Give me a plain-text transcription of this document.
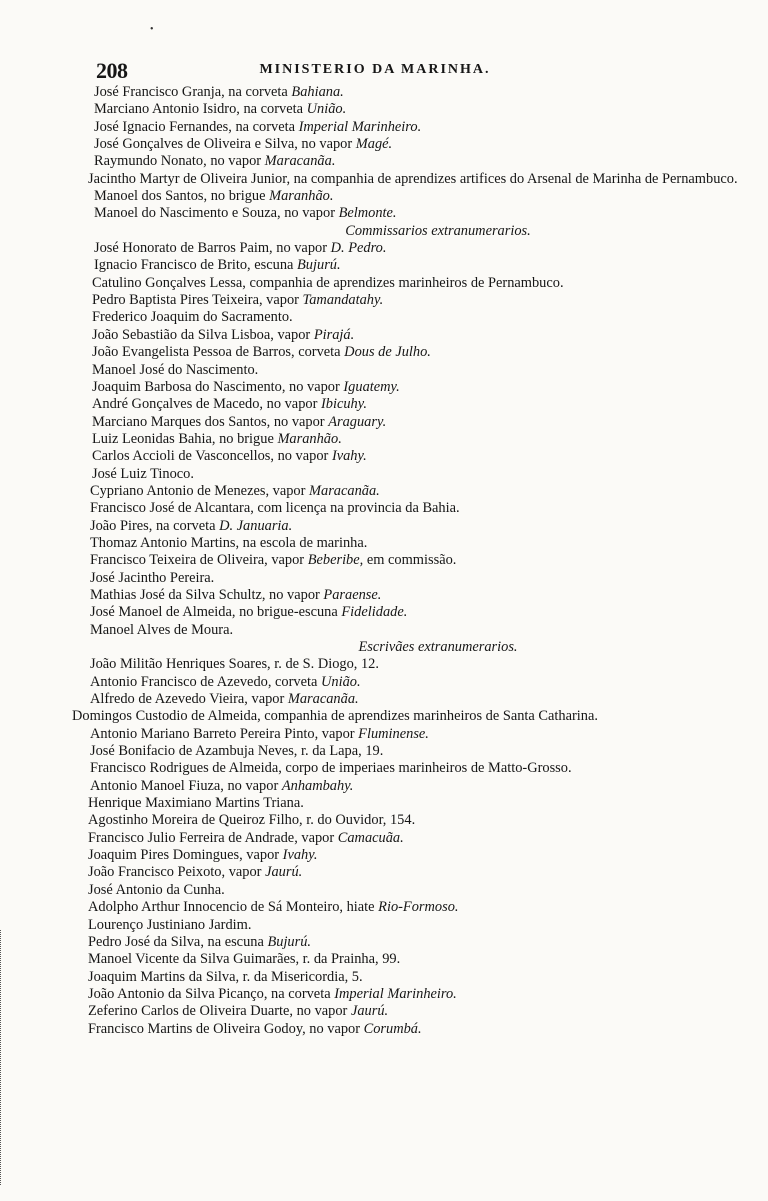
•
208	MINISTERIO DA MARINHA.
José Francisco Granja, na corveta Bahiana.
Marciano Antonio Isidro, na corveta União.
José Ignacio Fernandes, na corveta Imperial Marinheiro.
José Gonçalves de Oliveira e Silva, no vapor Magé.
Raymundo Nonato, no vapor Maracanãa.
Jacintho Martyr de Oliveira Junior, na companhia de aprendizes artifices do Arsenal de Marinha de Pernambuco.
Manoel dos Santos, no brigue Maranhão.
Manoel do Nascimento e Souza, no vapor Belmonte.
Commissarios extranumerarios.
José Honorato de Barros Paim, no vapor D. Pedro.
Ignacio Francisco de Brito, escuna Bujurú.
Catulino Gonçalves Lessa, companhia de aprendizes marinheiros de Pernambuco.
Pedro Baptista Pires Teixeira, vapor Tamandatahy.
Frederico Joaquim do Sacramento.
João Sebastião da Silva Lisboa, vapor Pirajá.
João Evangelista Pessoa de Barros, corveta Dous de Julho.
Manoel José do Nascimento.
Joaquim Barbosa do Nascimento, no vapor Iguatemy.
André Gonçalves de Macedo, no vapor Ibicuhy.
Marciano Marques dos Santos, no vapor Araguary.
Luiz Leonidas Bahia, no brigue Maranhão.
Carlos Accioli de Vasconcellos, no vapor Ivahy.
José Luiz Tinoco.
Cypriano Antonio de Menezes, vapor Maracanãa.
Francisco José de Alcantara, com licença na provincia da Bahia.
João Pires, na corveta D. Januaria.
Thomaz Antonio Martins, na escola de marinha.
Francisco Teixeira de Oliveira, vapor Beberibe, em commissão.
José Jacintho Pereira.
Mathias José da Silva Schultz, no vapor Paraense.
José Manoel de Almeida, no brigue-escuna Fidelidade.
Manoel Alves de Moura.
Escrivães extranumerarios.
João Militão Henriques Soares, r. de S. Diogo, 12.
Antonio Francisco de Azevedo, corveta União.
Alfredo de Azevedo Vieira, vapor Maracanãa.
Domingos Custodio de Almeida, companhia de aprendizes marinheiros de Santa Catharina.
Antonio Mariano Barreto Pereira Pinto, vapor Fluminense.
José Bonifacio de Azambuja Neves, r. da Lapa, 19.
Francisco Rodrigues de Almeida, corpo de imperiaes marinheiros de Matto-Grosso.
Antonio Manoel Fiuza, no vapor Anhambahy.
Henrique Maximiano Martins Triana.
Agostinho Moreira de Queiroz Filho, r. do Ouvidor, 154.
Francisco Julio Ferreira de Andrade, vapor Camacuãa.
Joaquim Pires Domingues, vapor Ivahy.
João Francisco Peixoto, vapor Jaurú.
José Antonio da Cunha.
Adolpho Arthur Innocencio de Sá Monteiro, hiate Rio-Formoso.
Lourenço Justiniano Jardim.
Pedro José da Silva, na escuna Bujurú.
Manoel Vicente da Silva Guimarães, r. da Prainha, 99.
Joaquim Martins da Silva, r. da Misericordia, 5.
João Antonio da Silva Picanço, na corveta Imperial Marinheiro.
Zeferino Carlos de Oliveira Duarte, no vapor Jaurú.
Francisco Martins de Oliveira Godoy, no vapor Corumbá.
